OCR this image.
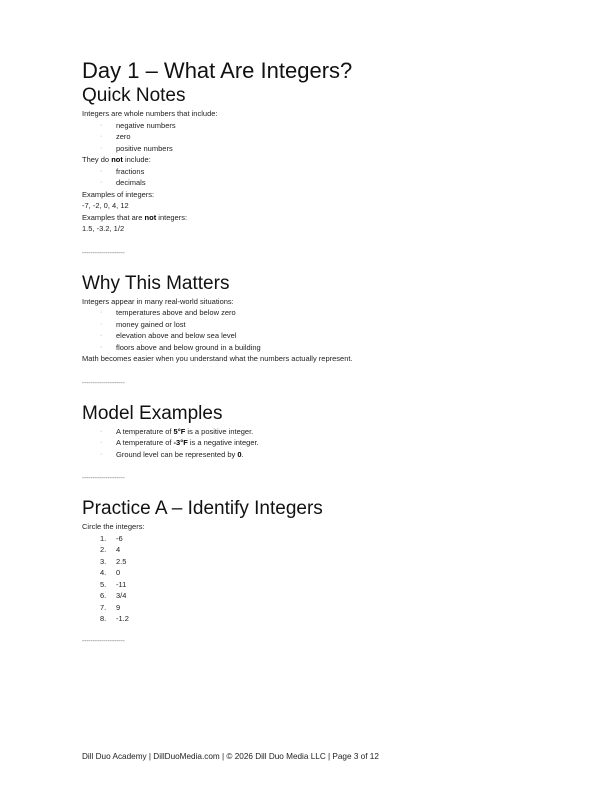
Day 1 – What Are Integers?
Quick Notes

Integers are whole numbers that include:

· negative numbers
· zero
· positive numbers

They do not include:

· fractions
· decimals

Examples of integers:

-7, -2, 0, 4, 12

Examples that are not integers:

1.5, -3.2, 1/2

--------------------
Why This Matters

Integers appear in many real-world situations:

· temperatures above and below zero
· money gained or lost
· elevation above and below sea level
· floors above and below ground in a building

Math becomes easier when you understand what the numbers actually represent.

--------------------
Model Examples
· A temperature of 5°F is a positive integer.
· A temperature of -3°F is a negative integer.
· Ground level can be represented by 0.
--------------------
Practice A – Identify Integers

Circle the integers:

1. -6
2. 4
3. 2.5
4. 0
5. -11
6. 3/4
7. 9
8. -1.2
--------------------
Dill Duo Academy | DillDuoMedia.com | © 2026 Dill Duo Media LLC | Page 3 of 12
